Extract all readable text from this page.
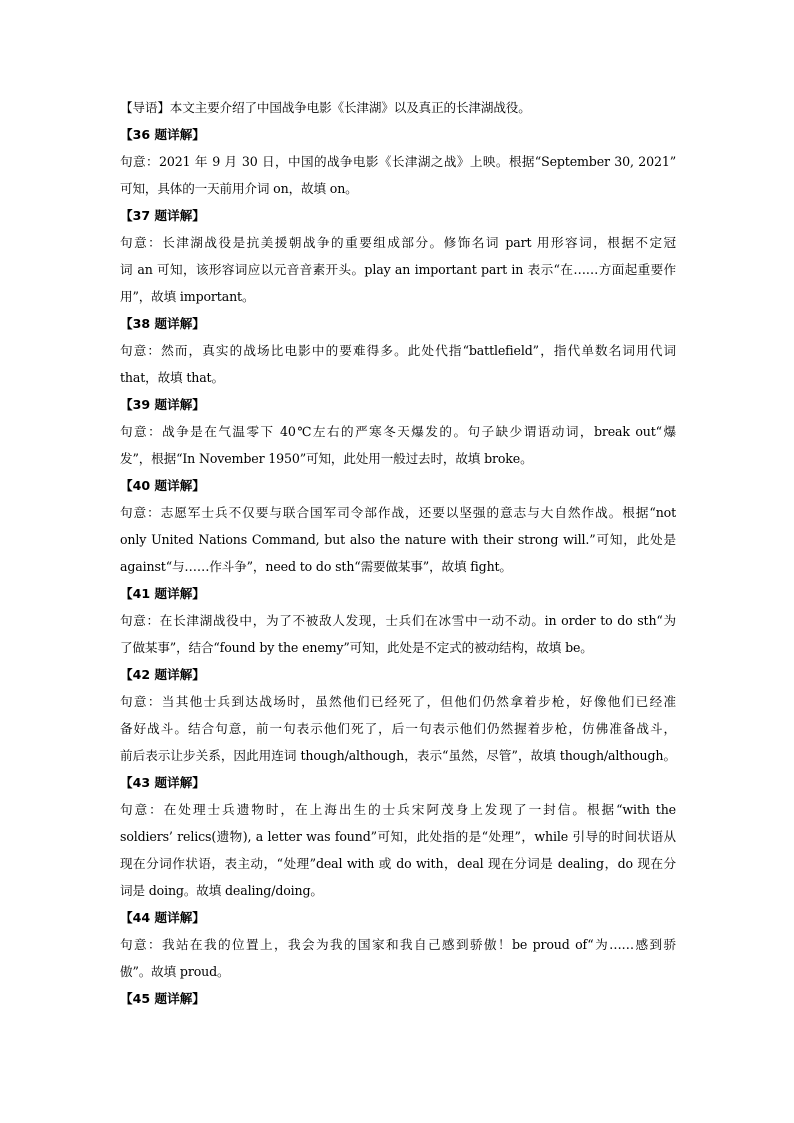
【导语】本文主要介绍了中国战争电影《长津湖》以及真正的长津湖战役。
【36 题详解】
句意：2021 年 9 月 30 日，中国的战争电影《长津湖之战》上映。根据“September 30, 2021”
可知，具体的一天前用介词 on，故填 on。
【37 题详解】
句意：长津湖战役是抗美援朝战争的重要组成部分。修饰名词 part 用形容词，根据不定冠
词 an 可知，该形容词应以元音音素开头。play an important part in 表示“在……方面起重要作
用”，故填 important。
【38 题详解】
句意：然而，真实的战场比电影中的要难得多。此处代指“battlefield”，指代单数名词用代词
that，故填 that。
【39 题详解】
句意：战争是在气温零下 40℃左右的严寒冬天爆发的。句子缺少谓语动词，break out“爆
发”，根据“In November 1950”可知，此处用一般过去时，故填 broke。
【40 题详解】
句意：志愿军士兵不仅要与联合国军司令部作战，还要以坚强的意志与大自然作战。根据“not
only United Nations Command, but also the nature with their strong will.”可知，此处是
against“与……作斗争”，need to do sth“需要做某事”，故填 fight。
【41 题详解】
句意：在长津湖战役中，为了不被敌人发现，士兵们在冰雪中一动不动。in order to do sth“为
了做某事”，结合“found by the enemy”可知，此处是不定式的被动结构，故填 be。
【42 题详解】
句意：当其他士兵到达战场时，虽然他们已经死了，但他们仍然拿着步枪，好像他们已经准
备好战斗。结合句意，前一句表示他们死了，后一句表示他们仍然握着步枪，仿佛准备战斗，
前后表示让步关系，因此用连词 though/although，表示“虽然，尽管”，故填 though/although。
【43 题详解】
句意：在处理士兵遗物时，在上海出生的士兵宋阿茂身上发现了一封信。根据“with the
soldiers’ relics(遗物), a letter was found”可知，此处指的是“处理”，while 引导的时间状语从
现在分词作状语，表主动，“处理”deal with 或 do with，deal 现在分词是 dealing，do 现在分
词是 doing。故填 dealing/doing。
【44 题详解】
句意：我站在我的位置上，我会为我的国家和我自己感到骄傲！be proud of“为……感到骄
傲”。故填 proud。
【45 题详解】
